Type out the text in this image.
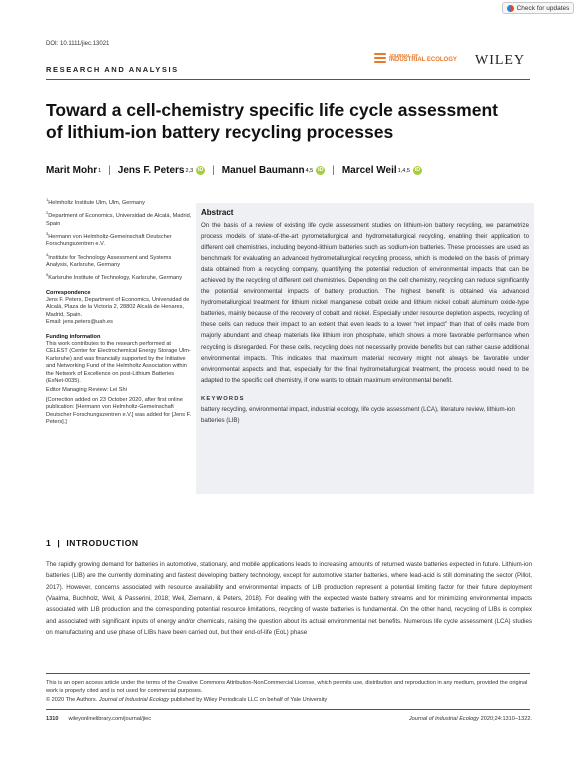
Check for updates
DOI: 10.1111/jiec.13021
JOURNAL OF
INDUSTRIAL ECOLOGY WILEY
RESEARCH AND ANALYSIS
Toward a cell-chemistry specific life cycle assessment of lithium-ion battery recycling processes
Marit Mohr 1 | Jens F. Peters 2,3 iD | Manuel Baumann 4,5 iD | Marcel Weil 1,4,5 iD
$^1$Helmholtz Institute Ulm, Ulm, Germany
$^2$Department of Economics, Universidad de Alcalá, Madrid, Spain
$^3$Hermann von Helmholtz-Gemeinschaft Deutscher Forschungszentren e.V.
$^4$Institute for Technology Assessment and Systems Analysis, Karlsruhe, Germany
$^5$Karlsruhe Institute of Technology, Karlsruhe, Germany
Correspondence

Jens F. Peters, Department of Economics, Universidad de Alcalá, Plaza de la Victoria 2, 28802 Alcalá de Henares, Madrid, Spain.

Email: jens.peters@uah.es

Funding information

This work contributes to the research performed at CELEST (Center for Electrochemical Energy Storage Ulm-Karlsruhe) and was financially supported by the Initiative and Networking Fund of the Helmholtz Association within the Network of Excellence on post-Lithium Batteries (ExNet-0035).

Editor Managing Review: Lei Shi

[Correction added on 23 October 2020, after first online publication: [Hermann von Helmholtz-Gemeinschaft Deutscher Forschungszentren e.V.] was added for [Jens F. Peters].]

Abstract
On the basis of a review of existing life cycle assessment studies on lithium-ion battery recycling, we parametrize process models of state-of-the-art pyrometallurgical and hydrometallurgical recycling, enabling their application to different cell chemistries, including beyond-lithium batteries such as sodium-ion batteries. These processes are used as benchmark for evaluating an advanced hydrometallurgical recycling process, which is modeled on the basis of primary data obtained from a recycling company, quantifying the potential reduction of environmental impacts that can be achieved by the recycling of different cell chemistries. Depending on the cell chemistry, recycling can reduce significantly the potential environmental impacts of battery production. The highest benefit is obtained via advanced hydrometallurgical treatment for lithium nickel manganese cobalt oxide and lithium nickel cobalt aluminum oxide-type batteries, mainly because of the recovery of cobalt and nickel. Especially under resource depletion aspects, recycling of these cells can reduce their impact to an extent that even leads to a lower “net impact” than that of cells made from majorly abundant and cheap materials like lithium iron phosphate, which shows a more favorable performance when recycling is disregarded. For these cells, recycling does not necessarily provide benefits but can rather cause additional environmental impacts. This indicates that maximum material recovery might not always be favorable under environmental aspects and that, especially for the final hydrometallurgical treatment, the process would need to be adapted to the specific cell chemistry, if one wants to obtain maximum environmental benefit.
KEYWORDS
battery recycling, environmental impact, industrial ecology, life cycle assessment (LCA), literature review, lithium-ion batteries (LIB)
1 | INTRODUCTION
The rapidly growing demand for batteries in automotive, stationary, and mobile applications leads to increasing amounts of returned waste batteries expected in future. Lithium-ion batteries (LIB) are the currently dominating and fastest developing battery technology, except for automotive starter batteries, where lead-acid is still dominating the sector (Pillot, 2017). However, concerns associated with resource availability and environmental impacts of LIB production represent a potential limiting factor for their future deployment (Vaalma, Buchholz, Weil, & Passerini, 2018; Weil, Ziemann, & Peters, 2018). For dealing with the expected waste battery streams and for minimizing environmental impacts associated with LIB production and the corresponding potential resource limitations, recycling of waste batteries is fundamental. On the other hand, recycling of LIBs is complex and associated with significant inputs of energy and/or chemicals, raising the question about its actual environmental net benefits. Numerous life cycle assessment (LCA) studies on manufacturing and use phase of LIBs have been carried out, but their end-of-life (EoL) phase
This is an open access article under the terms of the Creative Commons Attribution-NonCommercial License, which permits use, distribution and reproduction in any medium, provided the original work is properly cited and is not used for commercial purposes.
© 2020 The Authors. Journal of Industrial Ecology published by Wiley Periodicals LLC on behalf of Yale University
1310 wileyonlinelibrary.com/journal/jiec	Journal of Industrial Ecology 2020;24:1310–1322.
